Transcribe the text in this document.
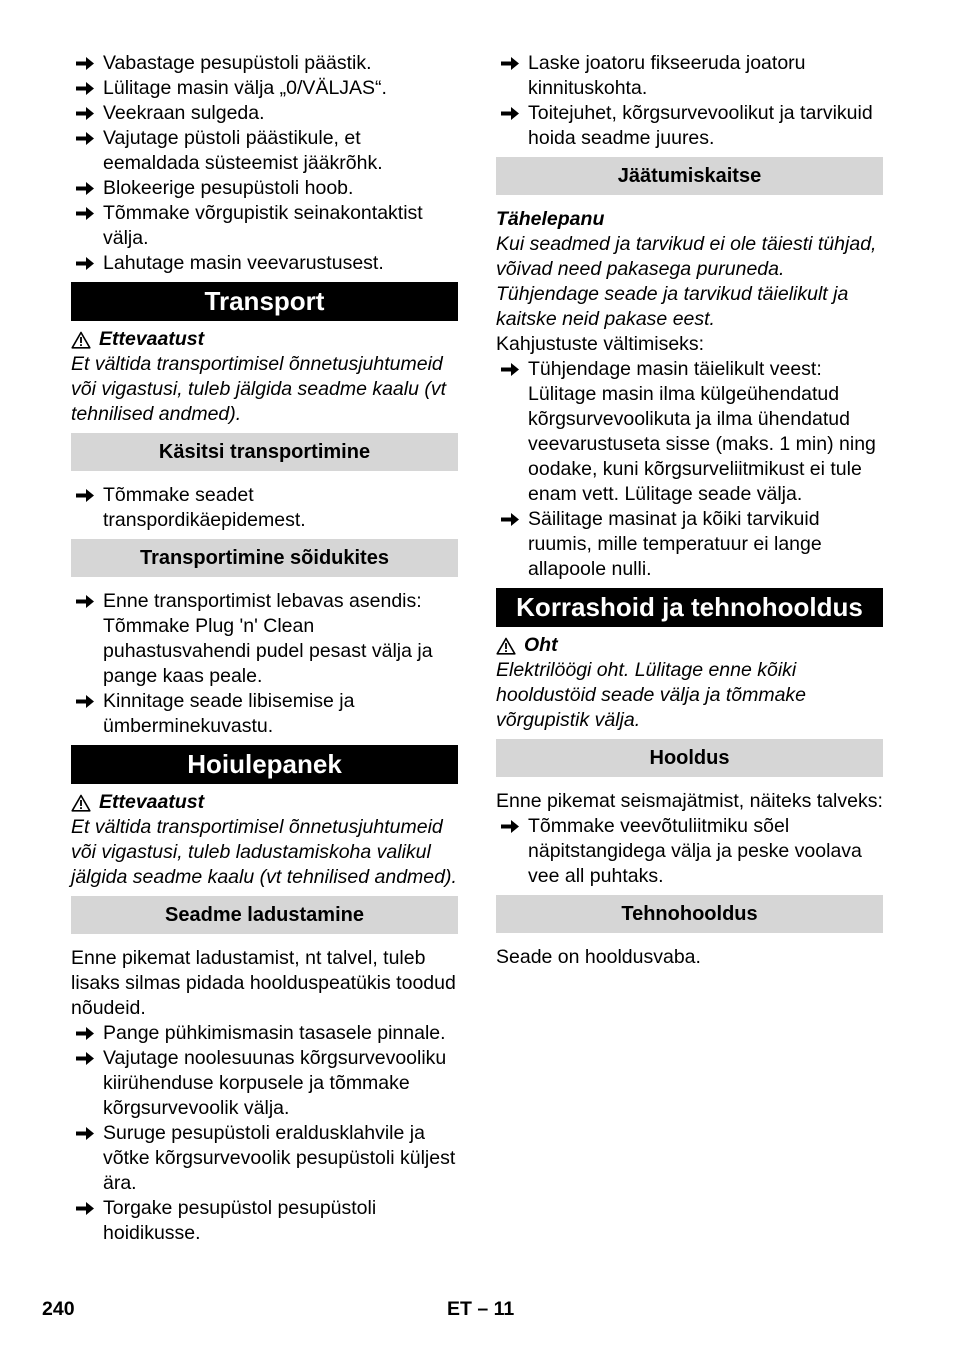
Vabastage pesupüstoli päästik.

Lülitage masin välja „0/VÄLJAS“.

Veekraan sulgeda.

Vajutage püstoli päästikule, et eemaldada süsteemist jääkrõhk.

Blokeerige pesupüstoli hoob.

Tõmmake võrgupistik seinakontaktist välja.

Lahutage masin veevarustusest.

Transport

Ettevaatust

Et vältida transportimisel õnnetusjuhtumeid või vigastusi, tuleb jälgida seadme kaalu (vt tehnilised andmed).

Käsitsi transportimine

Tõmmake seadet transpordikäepidemest.

Transportimine sõidukites

Enne transportimist lebavas asendis: Tõmmake Plug 'n' Clean puhastusvahendi pudel pesast välja ja pange kaas peale.

Kinnitage seade libisemise ja ümberminekuvastu.

Hoiulepanek

Ettevaatust

Et vältida transportimisel õnnetusjuhtumeid või vigastusi, tuleb ladustamiskoha valikul jälgida seadme kaalu (vt tehnilised andmed).

Seadme ladustamine

Enne pikemat ladustamist, nt talvel, tuleb lisaks silmas pidada hoolduspeatükis toodud nõudeid.

Pange pühkimismasin tasasele pinnale.

Vajutage noolesuunas kõrgsurvevooliku kiirühenduse korpusele ja tõmmake kõrgsurvevoolik välja.

Suruge pesupüstoli eraldusklahvile ja võtke kõrgsurvevoolik pesupüstoli küljest ära.

Torgake pesupüstol pesupüstoli hoidikusse.

Laske joatoru fikseeruda joatoru kinnituskohta.

Toitejuhet, kõrgsurvevoolikut ja tarvikuid hoida seadme juures.

Jäätumiskaitse

Tähelepanu

Kui seadmed ja tarvikud ei ole täiesti tühjad, võivad need pakasega puruneda. Tühjendage seade ja tarvikud täielikult ja kaitske neid pakase eest.

Kahjustuste vältimiseks:

Tühjendage masin täielikult veest: Lülitage masin ilma külgeühendatud kõrgsurvevoolikuta ja ilma ühendatud veevarustuseta sisse (maks. 1 min) ning oodake, kuni kõrgsurveliitmikust ei tule enam vett. Lülitage seade välja.

Säilitage masinat ja kõiki tarvikuid ruumis, mille temperatuur ei lange allapoole nulli.

Korrashoid ja tehnohooldus

Oht

Elektrilöögi oht. Lülitage enne kõiki hooldustöid seade välja ja tõmmake võrgupistik välja.

Hooldus

Enne pikemat seismajätmist, näiteks talveks:

Tõmmake veevõtuliitmiku sõel näpitstangidega välja ja peske voolava vee all puhtaks.

Tehnohooldus

Seade on hooldusvaba.

240	ET – 11
